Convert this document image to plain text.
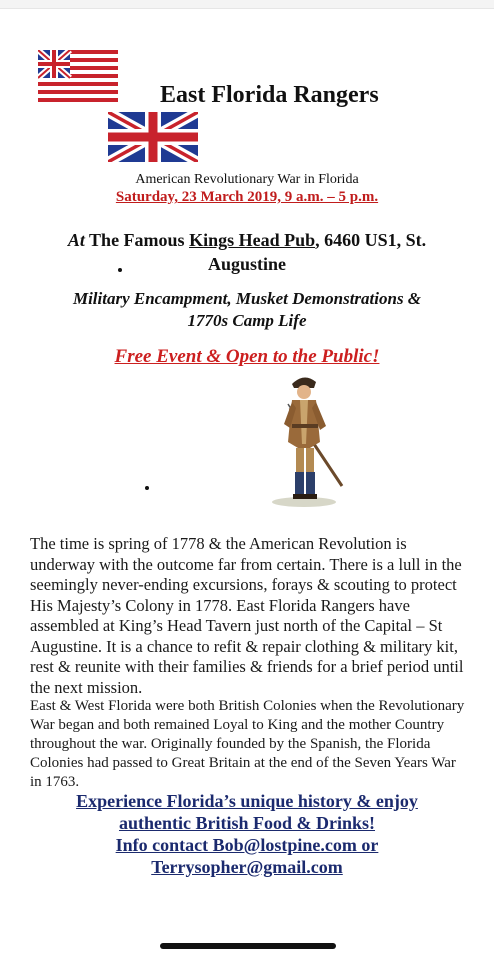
East Florida Rangers
American Revolutionary War in Florida
Saturday, 23 March 2019, 9 a.m. – 5 p.m.
At The Famous Kings Head Pub, 6460 US1, St.
Augustine
Military Encampment, Musket Demonstrations &
1770s Camp Life
Free Event & Open to the Public!
The time is spring of 1778 & the American Revolution is underway with the outcome far from certain. There is a lull in the seemingly never-ending excursions, forays & scouting to protect His Majesty’s Colony in 1778. East Florida Rangers have assembled at King’s Head Tavern just north of the Capital – St Augustine. It is a chance to refit & repair clothing & military kit, rest & reunite with their families & friends for a brief period until the next mission.
East & West Florida were both British Colonies when the Revolutionary War began and both remained Loyal to King and the mother Country throughout the war. Originally founded by the Spanish, the Florida Colonies had passed to Great Britain at the end of the Seven Years War in 1763.
Experience Florida’s unique history & enjoy
authentic British Food & Drinks!
Info contact Bob@lostpine.com or
Terrysopher@gmail.com
